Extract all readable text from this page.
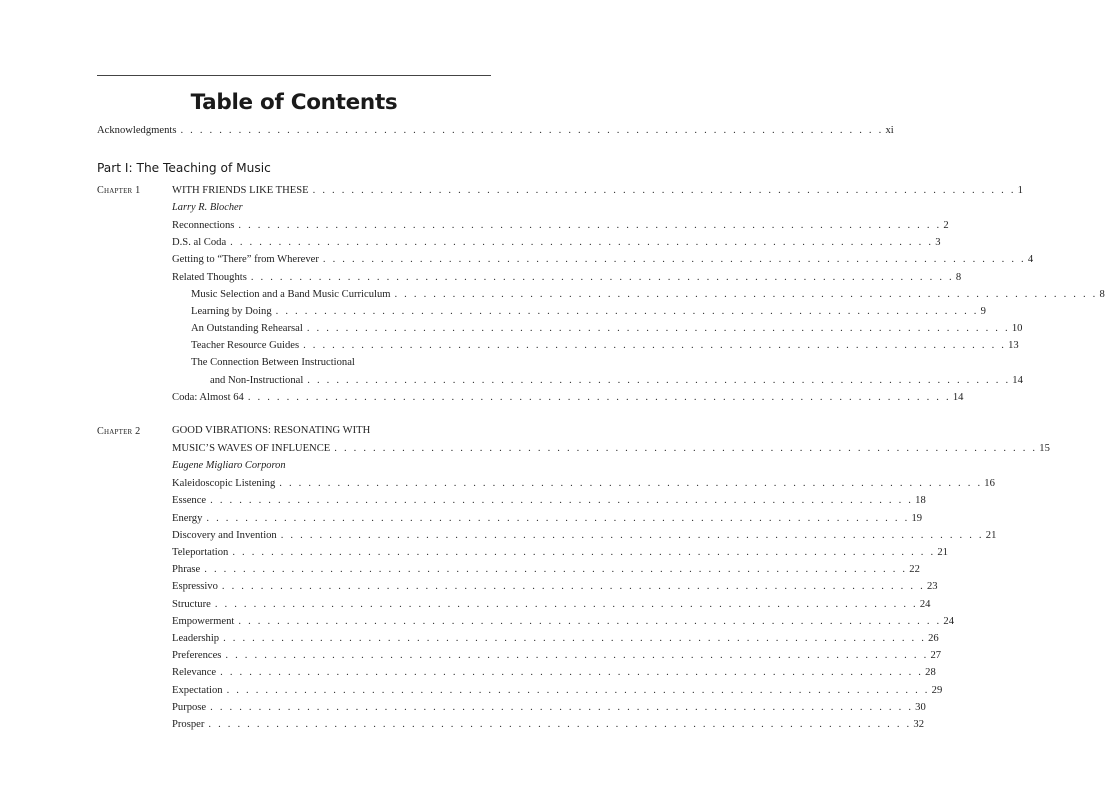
Table of Contents
Acknowledgments . . . . . . . . . . . . . . . . . . . . . . . . . . . . . . . . . . . . . . . . . . . . . . . . . . . . . . . . . . . . . . . . . . . . . . . . . xi
Part I: The Teaching of Music
Chapter 1	WITH FRIENDS LIKE THESE . . . . . . . . . . . . . . . . . . . . . . . . . . . . . . . . . . . . . . . . . . . . . . . . . . . . . . . . . . . . . . . . . . . . . . . . . 1
Larry R. Blocher
Reconnections . . . . . . . . . . . . . . . . . . . . . . . . . . . . . . . . . . . . . . . . . . . . . . . . . . . . . . . . . . . . . . . . . . . . . . . . . 2
D.S. al Coda . . . . . . . . . . . . . . . . . . . . . . . . . . . . . . . . . . . . . . . . . . . . . . . . . . . . . . . . . . . . . . . . . . . . . . . . . 3
Getting to “There” from Wherever . . . . . . . . . . . . . . . . . . . . . . . . . . . . . . . . . . . . . . . . . . . . . . . . . . . . . . . . . . . . . . . . . . . . . . . . . 4
Related Thoughts . . . . . . . . . . . . . . . . . . . . . . . . . . . . . . . . . . . . . . . . . . . . . . . . . . . . . . . . . . . . . . . . . . . . . . . . . 8
Music Selection and a Band Music Curriculum . . . . . . . . . . . . . . . . . . . . . . . . . . . . . . . . . . . . . . . . . . . . . . . . . . . . . . . . . . . . . . . . . . . . . . . . . 8
Learning by Doing . . . . . . . . . . . . . . . . . . . . . . . . . . . . . . . . . . . . . . . . . . . . . . . . . . . . . . . . . . . . . . . . . . . . . . . . . 9
An Outstanding Rehearsal . . . . . . . . . . . . . . . . . . . . . . . . . . . . . . . . . . . . . . . . . . . . . . . . . . . . . . . . . . . . . . . . . . . . . . . . . 10
Teacher Resource Guides . . . . . . . . . . . . . . . . . . . . . . . . . . . . . . . . . . . . . . . . . . . . . . . . . . . . . . . . . . . . . . . . . . . . . . . . . 13
The Connection Between Instructional
and Non-Instructional . . . . . . . . . . . . . . . . . . . . . . . . . . . . . . . . . . . . . . . . . . . . . . . . . . . . . . . . . . . . . . . . . . . . . . . . . 14
Coda: Almost 64 . . . . . . . . . . . . . . . . . . . . . . . . . . . . . . . . . . . . . . . . . . . . . . . . . . . . . . . . . . . . . . . . . . . . . . . . . 14
Chapter 2	GOOD VIBRATIONS: RESONATING WITH
MUSIC’S WAVES OF INFLUENCE . . . . . . . . . . . . . . . . . . . . . . . . . . . . . . . . . . . . . . . . . . . . . . . . . . . . . . . . . . . . . . . . . . . . . . . . . 15
Eugene Migliaro Corporon
Kaleidoscopic Listening . . . . . . . . . . . . . . . . . . . . . . . . . . . . . . . . . . . . . . . . . . . . . . . . . . . . . . . . . . . . . . . . . . . . . . . . . 16
Essence . . . . . . . . . . . . . . . . . . . . . . . . . . . . . . . . . . . . . . . . . . . . . . . . . . . . . . . . . . . . . . . . . . . . . . . . . 18
Energy . . . . . . . . . . . . . . . . . . . . . . . . . . . . . . . . . . . . . . . . . . . . . . . . . . . . . . . . . . . . . . . . . . . . . . . . . 19
Discovery and Invention . . . . . . . . . . . . . . . . . . . . . . . . . . . . . . . . . . . . . . . . . . . . . . . . . . . . . . . . . . . . . . . . . . . . . . . . . 21
Teleportation . . . . . . . . . . . . . . . . . . . . . . . . . . . . . . . . . . . . . . . . . . . . . . . . . . . . . . . . . . . . . . . . . . . . . . . . . 21
Phrase . . . . . . . . . . . . . . . . . . . . . . . . . . . . . . . . . . . . . . . . . . . . . . . . . . . . . . . . . . . . . . . . . . . . . . . . . 22
Espressivo . . . . . . . . . . . . . . . . . . . . . . . . . . . . . . . . . . . . . . . . . . . . . . . . . . . . . . . . . . . . . . . . . . . . . . . . . 23
Structure . . . . . . . . . . . . . . . . . . . . . . . . . . . . . . . . . . . . . . . . . . . . . . . . . . . . . . . . . . . . . . . . . . . . . . . . . 24
Empowerment . . . . . . . . . . . . . . . . . . . . . . . . . . . . . . . . . . . . . . . . . . . . . . . . . . . . . . . . . . . . . . . . . . . . . . . . . 24
Leadership . . . . . . . . . . . . . . . . . . . . . . . . . . . . . . . . . . . . . . . . . . . . . . . . . . . . . . . . . . . . . . . . . . . . . . . . . 26
Preferences . . . . . . . . . . . . . . . . . . . . . . . . . . . . . . . . . . . . . . . . . . . . . . . . . . . . . . . . . . . . . . . . . . . . . . . . . 27
Relevance . . . . . . . . . . . . . . . . . . . . . . . . . . . . . . . . . . . . . . . . . . . . . . . . . . . . . . . . . . . . . . . . . . . . . . . . . 28
Expectation . . . . . . . . . . . . . . . . . . . . . . . . . . . . . . . . . . . . . . . . . . . . . . . . . . . . . . . . . . . . . . . . . . . . . . . . . 29
Purpose . . . . . . . . . . . . . . . . . . . . . . . . . . . . . . . . . . . . . . . . . . . . . . . . . . . . . . . . . . . . . . . . . . . . . . . . . 30
Prosper . . . . . . . . . . . . . . . . . . . . . . . . . . . . . . . . . . . . . . . . . . . . . . . . . . . . . . . . . . . . . . . . . . . . . . . . . 32
